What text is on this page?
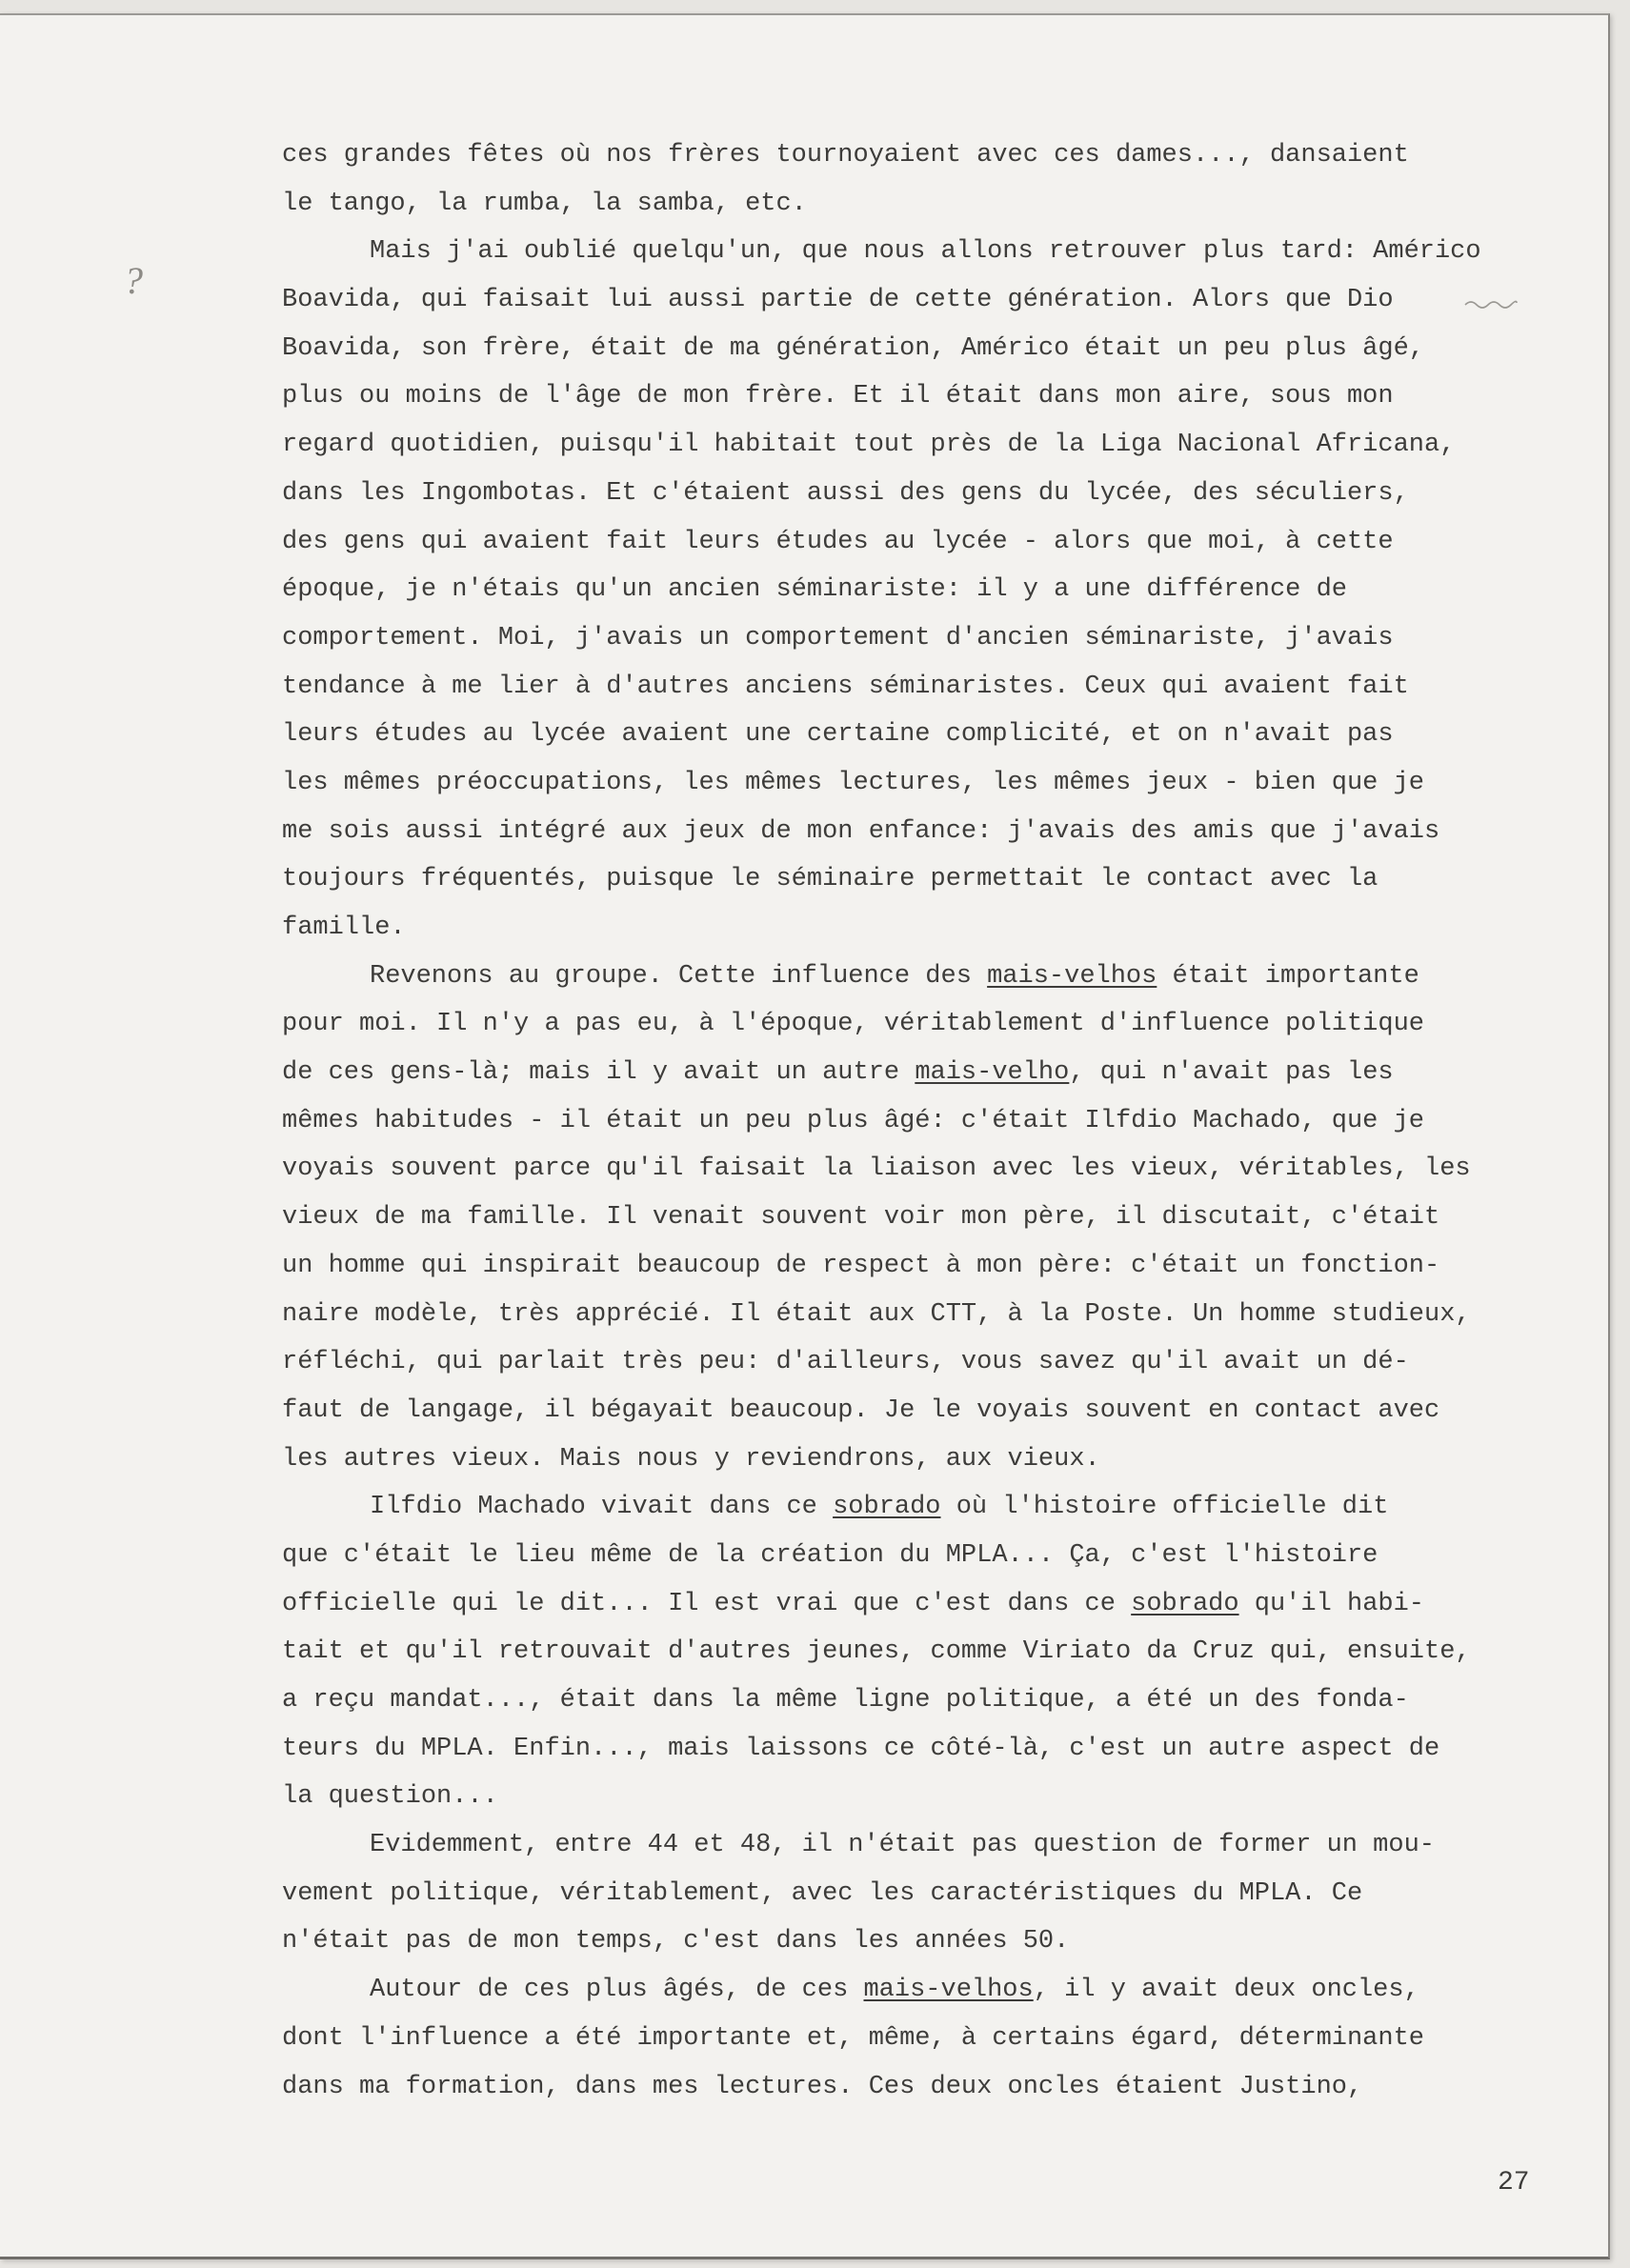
?
ces grandes fêtes où nos frères tournoyaient avec ces dames..., dansaient
le tango, la rumba, la samba, etc.
Mais j'ai oublié quelqu'un, que nous allons retrouver plus tard: Américo
Boavida, qui faisait lui aussi partie de cette génération. Alors que Dio
Boavida, son frère, était de ma génération, Américo était un peu plus âgé,
plus ou moins de l'âge de mon frère. Et il était dans mon aire, sous mon
regard quotidien, puisqu'il habitait tout près de la Liga Nacional Africana,
dans les Ingombotas. Et c'étaient aussi des gens du lycée, des séculiers,
des gens qui avaient fait leurs études au lycée - alors que moi, à cette
époque, je n'étais qu'un ancien séminariste: il y a une différence de
comportement. Moi, j'avais un comportement d'ancien séminariste, j'avais
tendance à me lier à d'autres anciens séminaristes. Ceux qui avaient fait
leurs études au lycée avaient une certaine complicité, et on n'avait pas
les mêmes préoccupations, les mêmes lectures, les mêmes jeux - bien que je
me sois aussi intégré aux jeux de mon enfance: j'avais des amis que j'avais
toujours fréquentés, puisque le séminaire permettait le contact avec la
famille.
Revenons au groupe. Cette influence des mais-velhos était importante
pour moi. Il n'y a pas eu, à l'époque, véritablement d'influence politique
de ces gens-là; mais il y avait un autre mais-velho, qui n'avait pas les
mêmes habitudes - il était un peu plus âgé: c'était Ilfdio Machado, que je
voyais souvent parce qu'il faisait la liaison avec les vieux, véritables, les
vieux de ma famille. Il venait souvent voir mon père, il discutait, c'était
un homme qui inspirait beaucoup de respect à mon père: c'était un fonction-
naire modèle, très apprécié. Il était aux CTT, à la Poste. Un homme studieux,
réfléchi, qui parlait très peu: d'ailleurs, vous savez qu'il avait un dé-
faut de langage, il bégayait beaucoup. Je le voyais souvent en contact avec
les autres vieux. Mais nous y reviendrons, aux vieux.
Ilfdio Machado vivait dans ce sobrado où l'histoire officielle dit
que c'était le lieu même de la création du MPLA... Ça, c'est l'histoire
officielle qui le dit... Il est vrai que c'est dans ce sobrado qu'il habi-
tait et qu'il retrouvait d'autres jeunes, comme Viriato da Cruz qui, ensuite,
a reçu mandat..., était dans la même ligne politique, a été un des fonda-
teurs du MPLA. Enfin..., mais laissons ce côté-là, c'est un autre aspect de
la question...
Evidemment, entre 44 et 48, il n'était pas question de former un mou-
vement politique, véritablement, avec les caractéristiques du MPLA. Ce
n'était pas de mon temps, c'est dans les années 50.
Autour de ces plus âgés, de ces mais-velhos, il y avait deux oncles,
dont l'influence a été importante et, même, à certains égard, déterminante
dans ma formation, dans mes lectures. Ces deux oncles étaient Justino,
27
